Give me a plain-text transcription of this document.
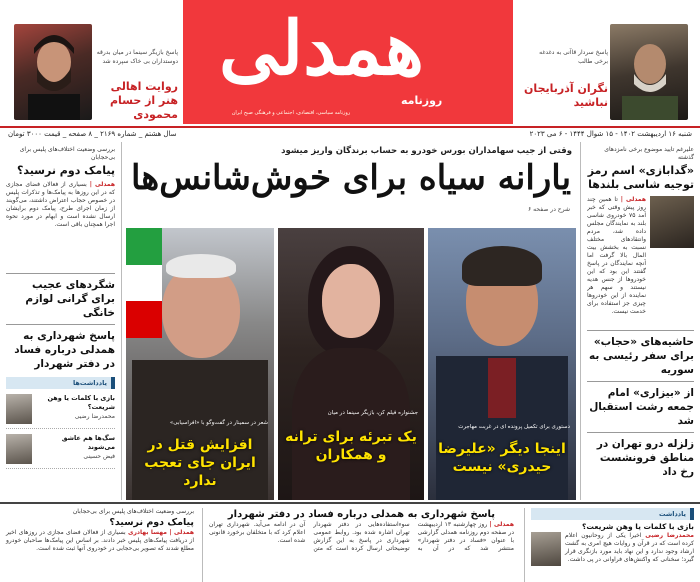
پاسخ بازیگر سینما در میان بدرقه دوستداران بی خاک سپرده شد
روایت اهالی هنر از حسام محمودی
همدلی
روزنامه
روزنامه سیاسی، اقتصادی، اجتماعی و فرهنگی صبح ایران
پاسخ سردار قاآنی به دغدغه برخی طالب
نگران آذربایجان نباشید
شنبه ۱۶ اردیبهشت ۱۴۰۲ - ۱۵ شوال ۱۴۴۴ - ۶ می ۲۰۲۳
سال هشتم _ شماره ۲۱۶۹ _ ۸ صفحه _ قیمت ۳۰۰۰ تومان
علیرغم تایید موضوع برخی نامزد‌های گذشته
«گدابازی» اسم رمز توجیه شاسی بلندها
همدلی | تا همین چند روز پیش وقتی که خبر آمد ۷۵ خودروی شاسی بلند به نمایندگان مجلس داده شد، مردم وانتقادهای مختلف نسبت به بخشش بیت المال بالا گرفت اما آنچه نمایندگان در پاسخ گفتند این بود که این خودروها از جنس هدیه نیستند و سهم هر نماینده از این خودروها چیزی جز استفاده برای خدمت نیست.
حاشیه‌های «حجاب» برای سفر رئیسی به سوریه
از «بیزاری» امام جمعه رشت استقبال شد
زلزله درو تهران در مناطق فرونشست رخ داد
وقتی از جیب سهامداران بورس خودرو به حساب برندگان واریز میشود
یارانه سیاه برای خوش‌شانس‌ها
شرح در صفحه ۶
دستوری برای تکمیل پرونده ای در غربت مهاجرت
اینجا دیگر «علیرضا حیدری» نیست
جشنواره فیلم کن، بازیگر سینما در میان
یک تبرئه برای ترانه و همکاران
شعر در سمینار در گفت‌وگو با «افراسیابی»
افزایش قتل در ایران جای تعجب ندارد
بررسی وضعیت اختلاف‌های پلیس برای بی‌حجابان
پیامک دوم نرسید؟
همدلی | بسیاری از فعالان فضای مجازی که در این روزها به پیامک‌ها و تذکرات پلیس در خصوص حجاب اعتراض داشتند، می‌گویند از زمان اجرای طرح، پیامک دوم برایشان ارسال نشده است و ابهام در مورد نحوه اجرا همچنان باقی است.
شگردهای عجیب برای گرانی لوازم خانگی
پاسخ شهرداری به همدلی درباره فساد در دفتر شهردار
یادداشت‌ها
بازی با کلمات یا وهن شریعت؟
محمدرضا رضیی
سگ‌ها هم عاشق می‌شوند
فیض حسینی
یادداشت
بازی با کلمات یا وهن شریعت؟
محمدرضا رضیی اخیرا یکی از روحانیون اعلام کرده است که در قرآن و روایات هیچ امری به گشت ارشاد وجود ندارد و این نهاد باید مورد بازنگری قرار گیرد؛ سخنانی که واکنش‌های فراوانی در پی داشت.
پاسخ شهرداری به همدلی درباره فساد در دفتر شهردار
همدلی | روز چهارشنبه ۱۳ اردیبهشت در صفحه دوم روزنامه همدلی گزارشی با عنوان «فساد در دفتر شهردار» منتشر شد که در آن به سوءاستفاده‌هایی در دفتر شهردار تهران اشاره شده بود. روابط عمومی شهرداری در پاسخ به این گزارش توضیحاتی ارسال کرده است که متن آن در ادامه می‌آید. شهرداری تهران اعلام کرد که با متخلفان برخورد قانونی شده است.
بررسی وضعیت اختلاف‌های پلیس برای بی‌حجابان
پیامک دوم نرسید؟
همدلی | مهسا بهادری بسیاری از فعالان فضای مجازی در روزهای اخیر از دریافت پیامک‌های پلیس خبر دادند. بر اساس این پیامک‌ها صاحبان خودرو مطلع شدند که تصویر بی‌حجابی در خودروی آنها ثبت شده است.
